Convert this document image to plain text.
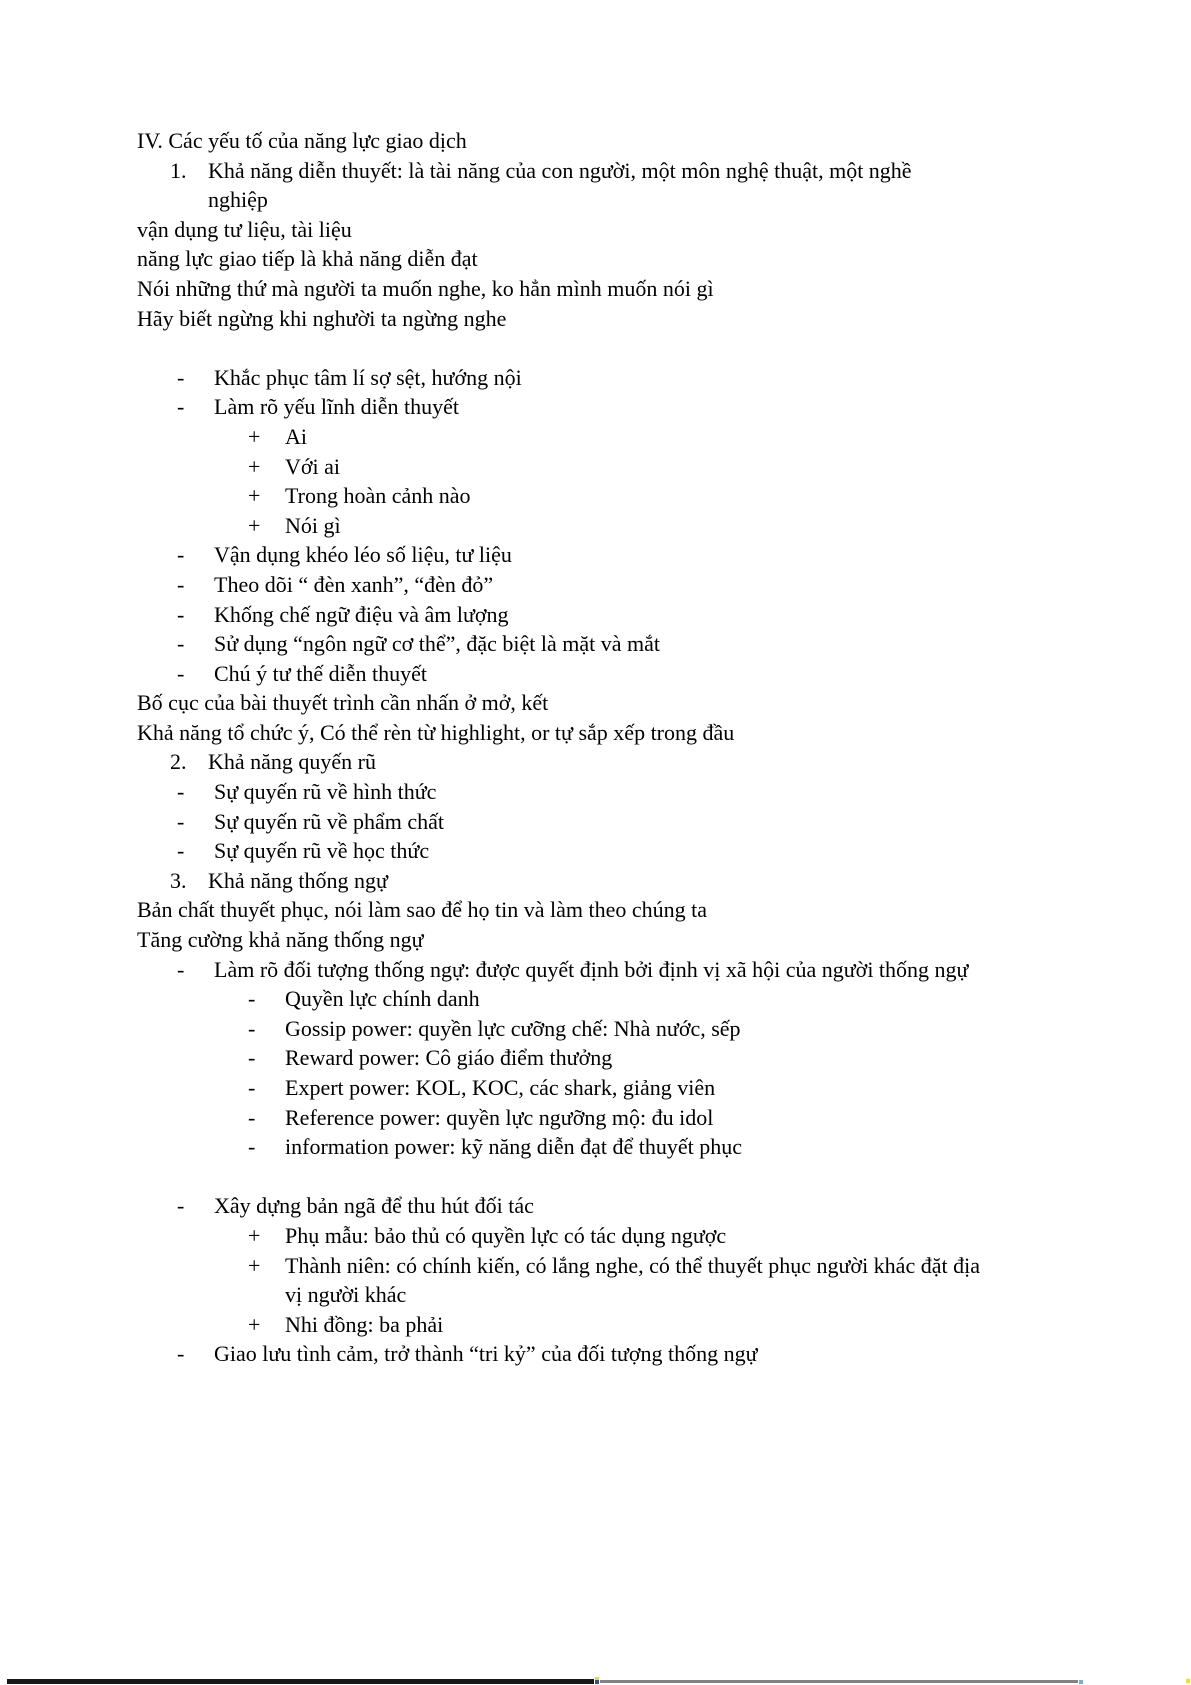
IV. Các yếu tố của năng lực giao dịch
1. Khả năng diễn thuyết: là tài năng của con người, một môn nghệ thuật, một nghề
nghiệp
vận dụng tư liệu, tài liệu
năng lực giao tiếp là khả năng diễn đạt
Nói những thứ mà người ta muốn nghe, ko hẳn mình muốn nói gì
Hãy biết ngừng khi nghười ta ngừng nghe
-	Khắc phục tâm lí sợ sệt, hướng nội
-	Làm rõ yếu lĩnh diễn thuyết
+	Ai
+	Với ai
+	Trong hoàn cảnh nào
+	Nói gì
-	Vận dụng khéo léo số liệu, tư liệu
-	Theo dõi “ đèn xanh”, “đèn đỏ”
-	Khống chế ngữ điệu và âm lượng
-	Sử dụng “ngôn ngữ cơ thể”, đặc biệt là mặt và mắt
-	Chú ý tư thế diễn thuyết
Bố cục của bài thuyết trình cần nhấn ở mở, kết
Khả năng tổ chức ý, Có thể rèn từ highlight, or tự sắp xếp trong đầu
2. Khả năng quyến rũ
-	Sự quyến rũ về hình thức
-	Sự quyến rũ về phẩm chất
-	Sự quyến rũ về học thức
3. Khả năng thống ngự
Bản chất thuyết phục, nói làm sao để họ tin và làm theo chúng ta
Tăng cường khả năng thống ngự
-	Làm rõ đối tượng thống ngự: được quyết định bởi định vị xã hội của người thống ngự
-	Quyền lực chính danh
-	Gossip power: quyền lực cưỡng chế: Nhà nước, sếp
-	Reward power: Cô giáo điểm thưởng
-	Expert power: KOL, KOC, các shark, giảng viên
-	Reference power: quyền lực ngưỡng mộ: đu idol
-	information power: kỹ năng diễn đạt để thuyết phục
-	Xây dựng bản ngã để thu hút đối tác
+	Phụ mẫu: bảo thủ có quyền lực có tác dụng ngược
+	Thành niên: có chính kiến, có lắng nghe, có thể thuyết phục người khác đặt địa
vị người khác
+	Nhi đồng: ba phải
-	Giao lưu tình cảm, trở thành “tri kỷ” của đối tượng thống ngự
